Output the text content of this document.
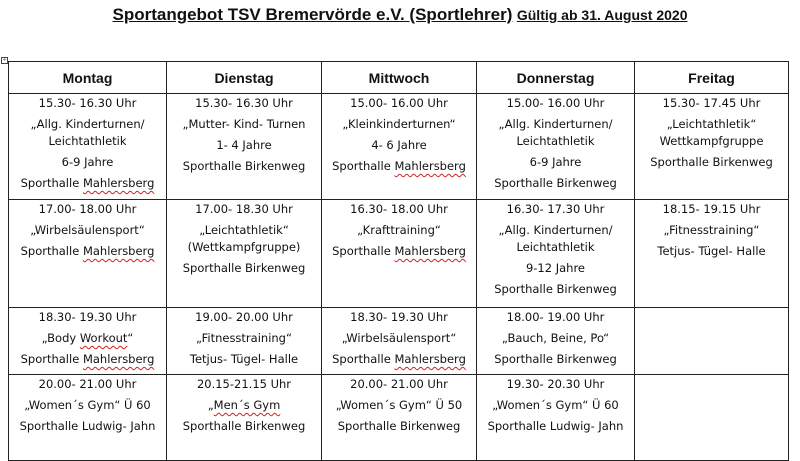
Sportangebot TSV Bremervörde e.V. (Sportlehrer) Gültig ab 31. August 2020
+
Montag	Dienstag	Mittwoch	Donnerstag	Freitag

15.30- 16.30 Uhr
„Allg. Kinderturnen/
Leichtathletik
6-9 Jahre
Sporthalle Mahlersberg	15.30- 16.30 Uhr
„Mutter- Kind- Turnen
1- 4 Jahre
Sporthalle Birkenweg	15.00- 16.00 Uhr
„Kleinkinderturnen“
4- 6 Jahre
Sporthalle Mahlersberg	15.00- 16.00 Uhr
„Allg. Kinderturnen/
Leichtathletik
6-9 Jahre
Sporthalle Birkenweg	15.30- 17.45 Uhr
„Leichtathletik“
Wettkampfgruppe
Sporthalle Birkenweg

17.00- 18.00 Uhr
„Wirbelsäulensport“
Sporthalle Mahlersberg	17.00- 18.30 Uhr
„Leichtathletik“
(Wettkampfgruppe)
Sporthalle Birkenweg	16.30- 18.00 Uhr
„Krafttraining“
Sporthalle Mahlersberg	16.30- 17.30 Uhr
„Allg. Kinderturnen/
Leichtathletik
9-12 Jahre
Sporthalle Birkenweg	18.15- 19.15 Uhr
„Fitnesstraining“
Tetjus- Tügel- Halle

18.30- 19.30 Uhr
„Body Workout“
Sporthalle Mahlersberg	19.00- 20.00 Uhr
„Fitnesstraining“
Tetjus- Tügel- Halle	18.30- 19.30 Uhr
„Wirbelsäulensport“
Sporthalle Mahlersberg	18.00- 19.00 Uhr
„Bauch, Beine, Po“
Sporthalle Birkenweg	

20.00- 21.00 Uhr
„Women´s Gym“ Ü 60
Sporthalle Ludwig- Jahn	20.15-21.15 Uhr
„Men´s Gym
Sporthalle Birkenweg	20.00- 21.00 Uhr
„Women´s Gym“ Ü 50
Sporthalle Birkenweg	19.30- 20.30 Uhr
„Women´s Gym“ Ü 60
Sporthalle Ludwig- Jahn	
